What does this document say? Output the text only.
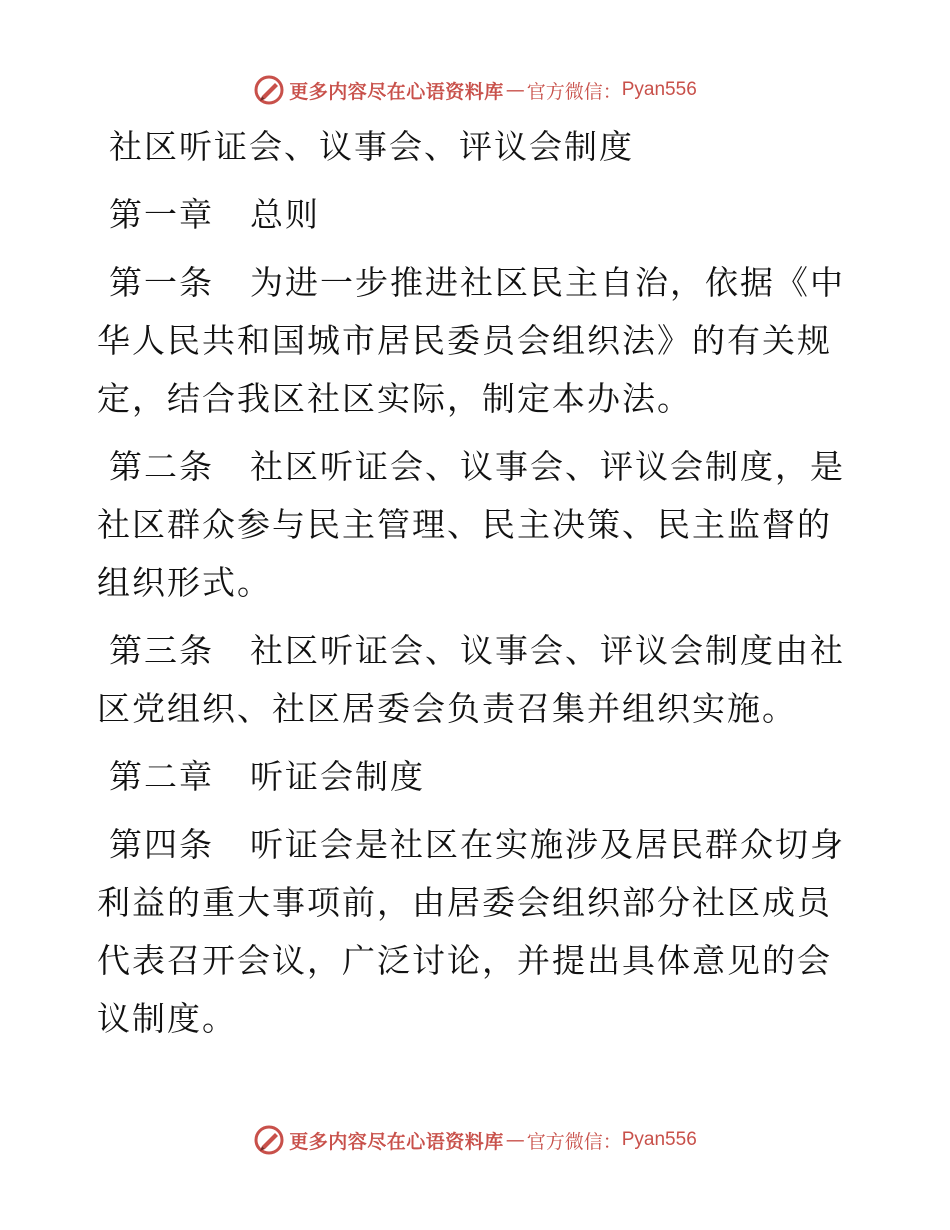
更多内容尽在心语资料库 — 官方微信： Pyan556

社区听证会、议事会、评议会制度

第一章 总则

第一条 为进一步推进社区民主自治，依据《中华人民共和国城市居民委员会组织法》的有关规定，结合我区社区实际，制定本办法。

第二条 社区听证会、议事会、评议会制度，是社区群众参与民主管理、民主决策、民主监督的组织形式。

第三条 社区听证会、议事会、评议会制度由社区党组织、社区居委会负责召集并组织实施。

第二章 听证会制度

第四条 听证会是社区在实施涉及居民群众切身利益的重大事项前，由居委会组织部分社区成员代表召开会议，广泛讨论，并提出具体意见的会议制度。

更多内容尽在心语资料库 — 官方微信： Pyan556
